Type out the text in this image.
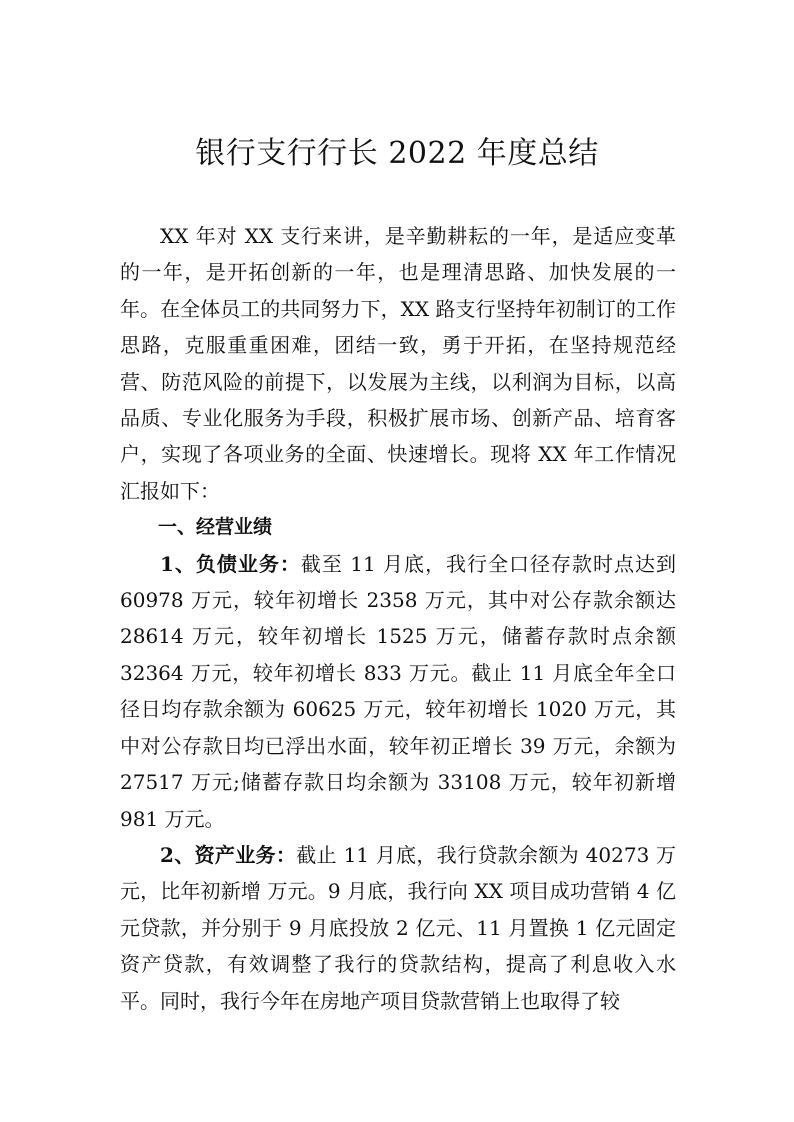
银行支行行长 2022 年度总结

XX 年对 XX 支行来讲，是辛勤耕耘的一年，是适应变革的一年，是开拓创新的一年，也是理清思路、加快发展的一年。在全体员工的共同努力下，XX 路支行坚持年初制订的工作思路，克服重重困难，团结一致，勇于开拓，在坚持规范经营、防范风险的前提下，以发展为主线，以利润为目标，以高品质、专业化服务为手段，积极扩展市场、创新产品、培育客户，实现了各项业务的全面、快速增长。现将 XX 年工作情况汇报如下：

一、经营业绩

1、负债业务：截至 11 月底，我行全口径存款时点达到 60978 万元，较年初增长 2358 万元，其中对公存款余额达 28614 万元，较年初增长 1525 万元，储蓄存款时点余额 32364 万元，较年初增长 833 万元。截止 11 月底全年全口径日均存款余额为 60625 万元，较年初增长 1020 万元，其中对公存款日均已浮出水面，较年初正增长 39 万元，余额为 27517 万元;储蓄存款日均余额为 33108 万元，较年初新增 981 万元。

2、资产业务：截止 11 月底，我行贷款余额为 40273 万元，比年初新增 万元。9 月底，我行向 XX 项目成功营销 4 亿元贷款，并分别于 9 月底投放 2 亿元、11 月置换 1 亿元固定资产贷款，有效调整了我行的贷款结构，提高了利息收入水平。同时，我行今年在房地产项目贷款营销上也取得了较
